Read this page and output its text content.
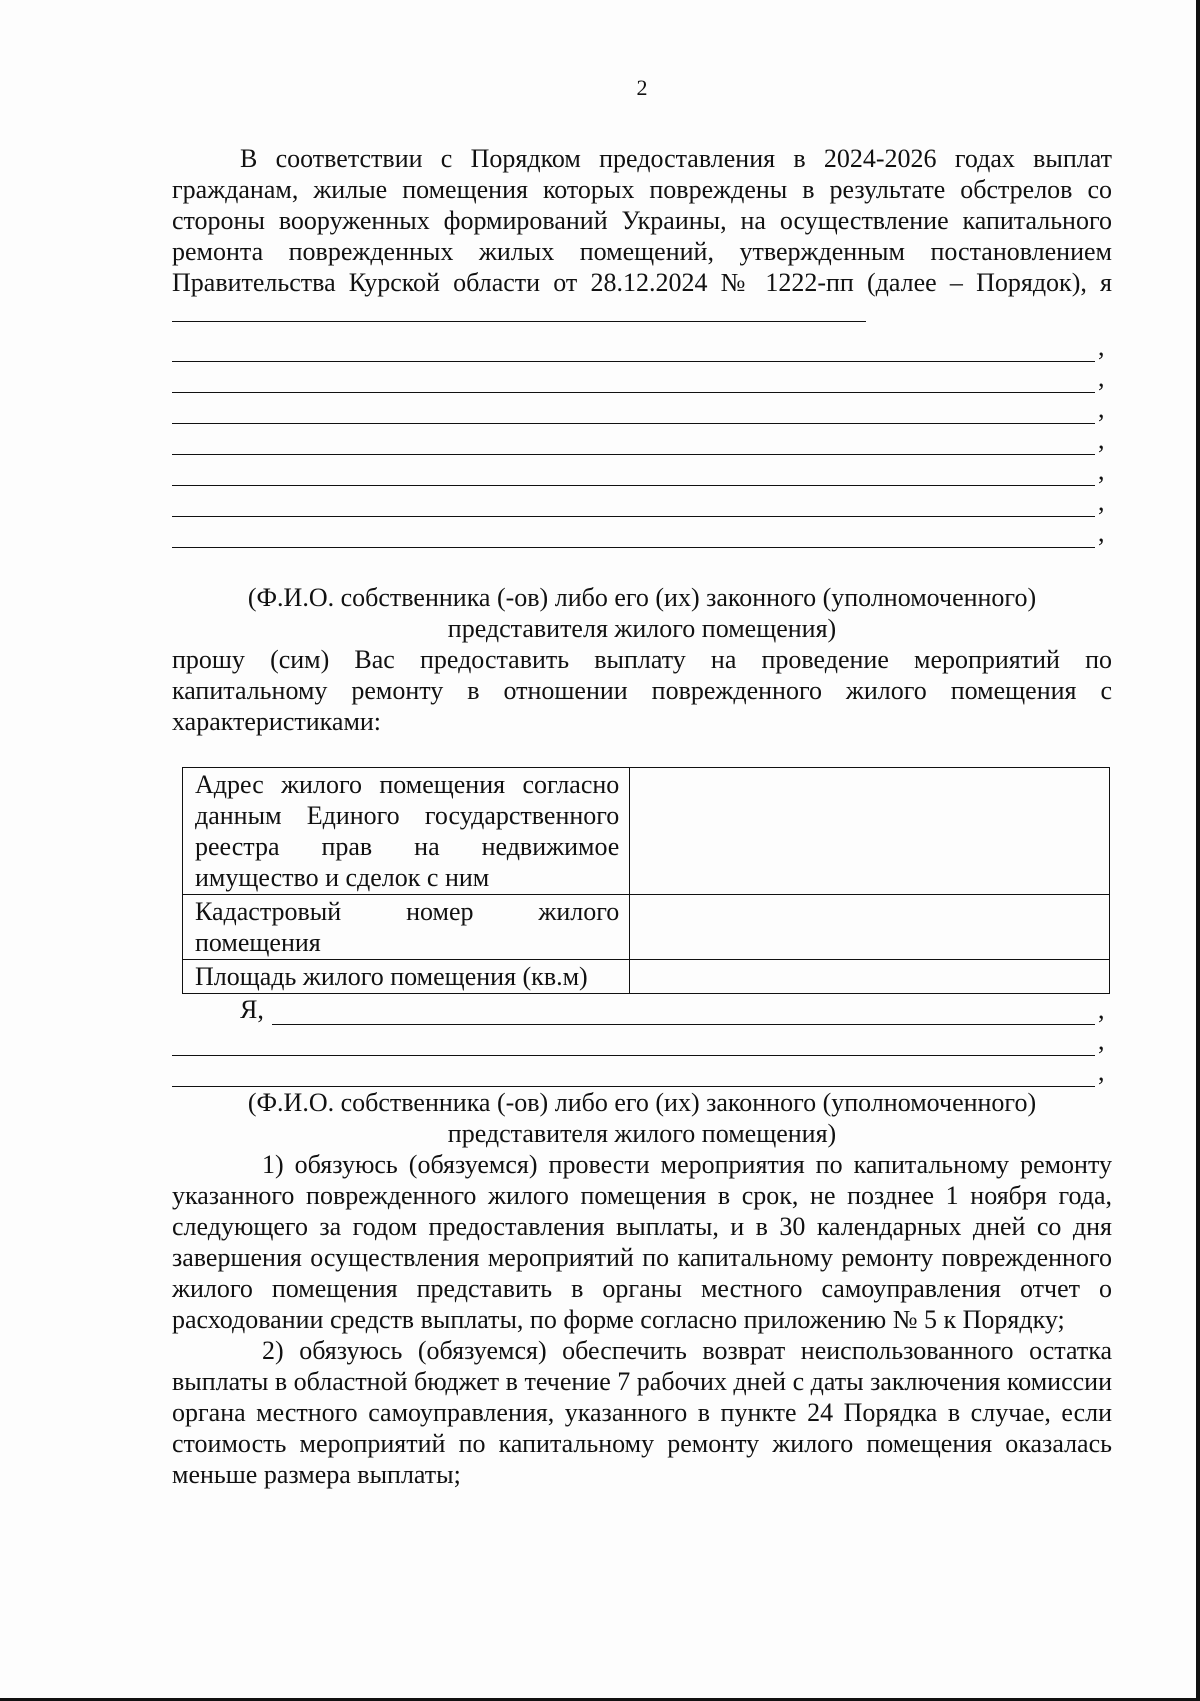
2

В соответствии с Порядком предоставления в 2024-2026 годах выплат гражданам, жилые помещения которых повреждены в результате обстрелов со стороны вооруженных формирований Украины, на осуществление капитального ремонта поврежденных жилых помещений, утвержденным постановлением Правительства Курской области от 28.12.2024 № 1222-пп (далее – Порядок), я

,
,
,
,
,
,
,

(Ф.И.О. собственника (-ов) либо его (их) законного (уполномоченного)

представителя жилого помещения)

прошу (сим) Вас предоставить выплату на проведение мероприятий по капитальному ремонту в отношении поврежденного жилого помещения с характеристиками:

Адрес жилого помещения согласно данным Единого государственного реестра прав на недвижимое имущество и сделок с ним	
Кадастровый номер жилого помещения	
Площадь жилого помещения (кв.м)	
Я,	,
,
,

(Ф.И.О. собственника (-ов) либо его (их) законного (уполномоченного)

представителя жилого помещения)

1) обязуюсь (обязуемся) провести мероприятия по капитальному ремонту указанного поврежденного жилого помещения в срок, не позднее 1 ноября года, следующего за годом предоставления выплаты, и в 30 календарных дней со дня завершения осуществления мероприятий по капитальному ремонту поврежденного жилого помещения представить в органы местного самоуправления отчет о расходовании средств выплаты, по форме согласно приложению № 5 к Порядку;

2) обязуюсь (обязуемся) обеспечить возврат неиспользованного остатка выплаты в областной бюджет в течение 7 рабочих дней с даты заключения комиссии органа местного самоуправления, указанного в пункте 24 Порядка в случае, если стоимость мероприятий по капитальному ремонту жилого помещения оказалась меньше размера выплаты;
